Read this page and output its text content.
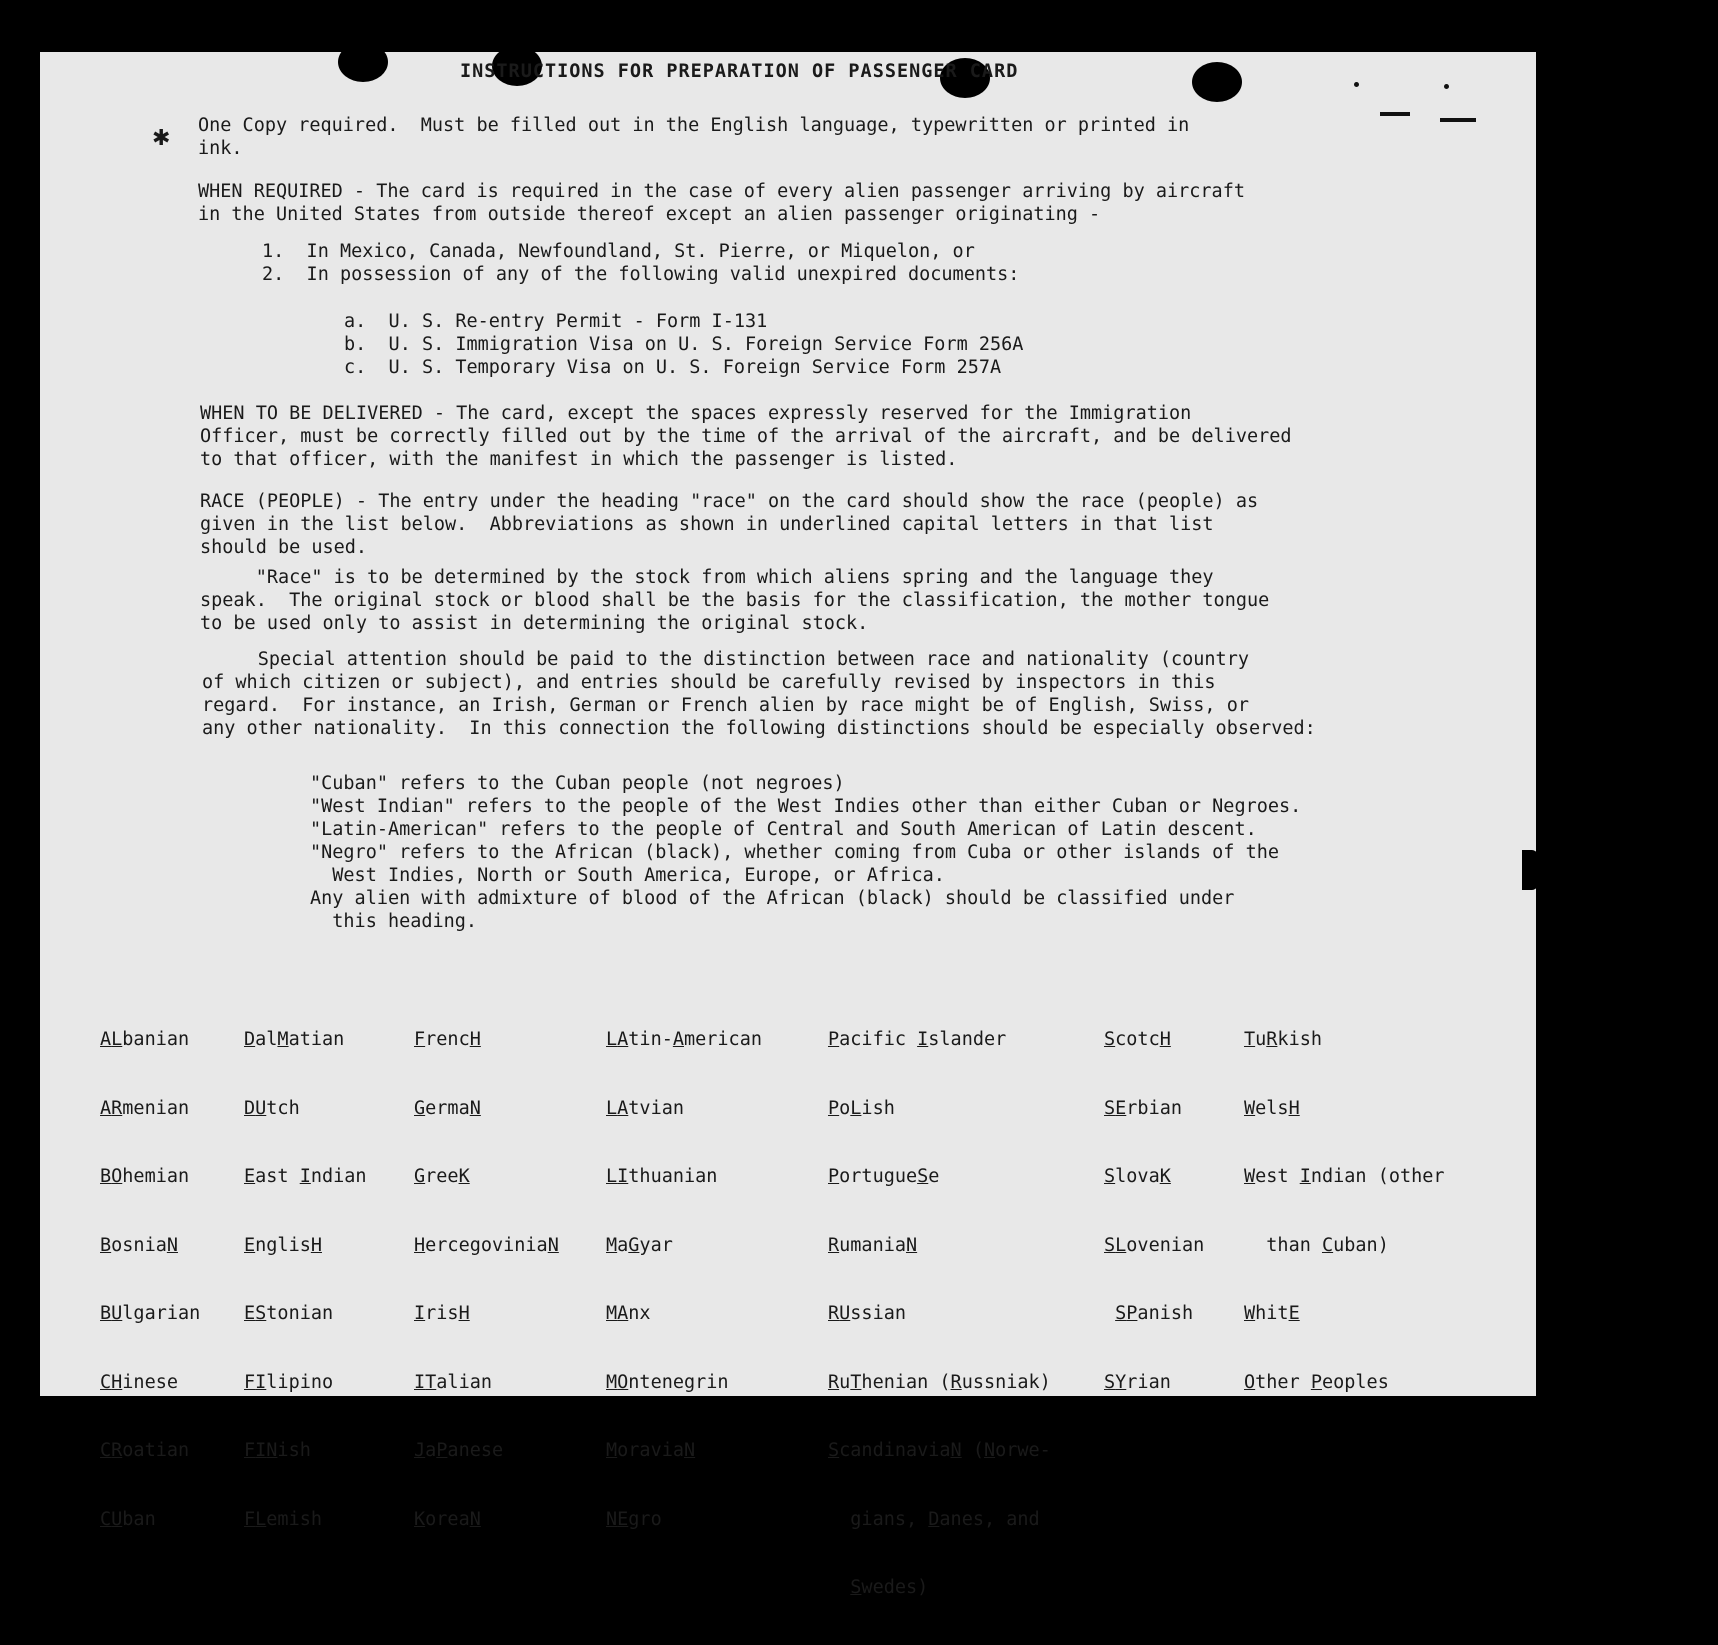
INSTRUCTIONS FOR PREPARATION OF PASSENGER CARD
One Copy required.  Must be filled out in the English language, typewritten or printed in
ink.
WHEN REQUIRED - The card is required in the case of every alien passenger arriving by aircraft
in the United States from outside thereof except an alien passenger originating -
1.  In Mexico, Canada, Newfoundland, St. Pierre, or Miquelon, or
2.  In possession of any of the following valid unexpired documents:
a.  U. S. Re-entry Permit - Form I-131
b.  U. S. Immigration Visa on U. S. Foreign Service Form 256A
c.  U. S. Temporary Visa on U. S. Foreign Service Form 257A
WHEN TO BE DELIVERED - The card, except the spaces expressly reserved for the Immigration
Officer, must be correctly filled out by the time of the arrival of the aircraft, and be delivered
to that officer, with the manifest in which the passenger is listed.
RACE (PEOPLE) - The entry under the heading "race" on the card should show the race (people) as
given in the list below.  Abbreviations as shown in underlined capital letters in that list
should be used.
"Race" is to be determined by the stock from which aliens spring and the language they
speak.  The original stock or blood shall be the basis for the classification, the mother tongue
to be used only to assist in determining the original stock.
Special attention should be paid to the distinction between race and nationality (country
of which citizen or subject), and entries should be carefully revised by inspectors in this
regard.  For instance, an Irish, German or French alien by race might be of English, Swiss, or
any other nationality.  In this connection the following distinctions should be especially observed:
"Cuban" refers to the Cuban people (not negroes)
"West Indian" refers to the people of the West Indies other than either Cuban or Negroes.
"Latin-American" refers to the people of Central and South American of Latin descent.
"Negro" refers to the African (black), whether coming from Cuba or other islands of the
West Indies, North or South America, Europe, or Africa.
Any alien with admixture of blood of the African (black) should be classified under
this heading.

ALbanian

ARmenian

BOhemian

BosniaN

BUlgarian

CHinese

CRoatian

CUban

DalMatian

DUtch

East Indian

EnglisH

EStonian

FIlipino

FINish

FLemish

FrencH

GermaN

GreeK

HercegoviniaN

IrisH

ITalian

JaPanese

KoreaN

LAtin-American

LAtvian

LIthuanian

MaGyar

MAnx

MOntenegrin

MoraviaN

NEgro

Pacific Islander

PoLish

PortugueSe

RumaniaN

RUssian

RuThenian (Russniak)

ScandinaviaN (Norwe-

gians, Danes, and

Swedes)

ScotcH

SErbian

SlovaK

SLovenian

SPanish

SYrian

TuRkish

WelsH

West Indian (other

than Cuban)

WhitE

Other Peoples

✱
